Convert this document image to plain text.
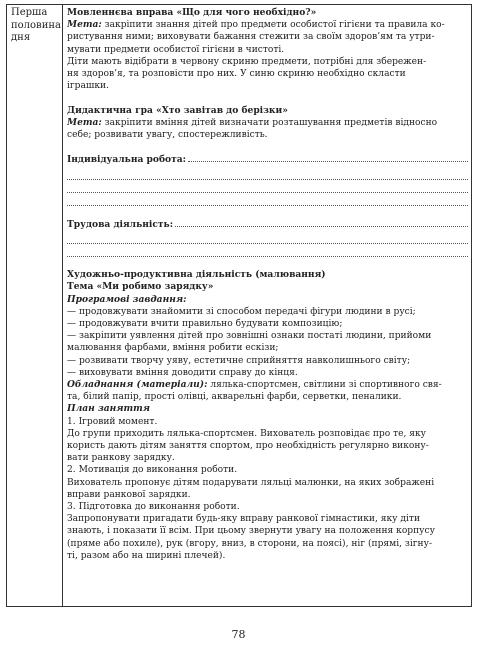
Перша
половина
дня
Мовленнєва вправа «Що для чого необхідно?»
Мета: закріпити знання дітей про предмети особистої гігієни та правила ко-
ристування ними; виховувати бажання стежити за своїм здоров’ям та утри-
мувати предмети особистої гігієни в чистоті.
Діти мають відібрати в червону скриню предмети, потрібні для збережен-
ня здоров’я, та розповісти про них. У синю скриню необхідно скласти
іграшки.
Дидактична гра «Хто завітав до берізки»
Мета: закріпити вміння дітей визначати розташування предметів відносно
себе; розвивати увагу, спостережливість.
Індивідуальна робота:
Трудова діяльність:
Художньо-продуктивна діяльність (малювання)
Тема «Ми робимо зарядку»
Програмові завдання:
— продовжувати знайомити зі способом передачі фігури людини в русі;
— продовжувати вчити правильно будувати композицію;
— закріпити уявлення дітей про зовнішні ознаки постаті людини, прийоми
малювання фарбами, вміння робити ескізи;
— розвивати творчу уяву, естетичне сприйняття навколишнього світу;
— виховувати вміння доводити справу до кінця.
Обладнання (матеріали): лялька-спортсмен, світлини зі спортивного свя-
та, білий папір, прості олівці, акварельні фарби, серветки, пеналики.
План заняття
1. Ігровий момент.
До групи приходить лялька-спортсмен. Вихователь розповідає про те, яку
користь дають дітям заняття спортом, про необхідність регулярно викону-
вати ранкову зарядку.
2. Мотивація до виконання роботи.
Вихователь пропонує дітям подарувати ляльці малюнки, на яких зображені
вправи ранкової зарядки.
3. Підготовка до виконання роботи.
Запропонувати пригадати будь-яку вправу ранкової гімнастики, яку діти
знають, і показати її всім. При цьому звернути увагу на положення корпусу
(пряме або похиле), рук (вгору, вниз, в сторони, на поясі), ніг (прямі, зігну-
ті, разом або на ширині плечей).
78
